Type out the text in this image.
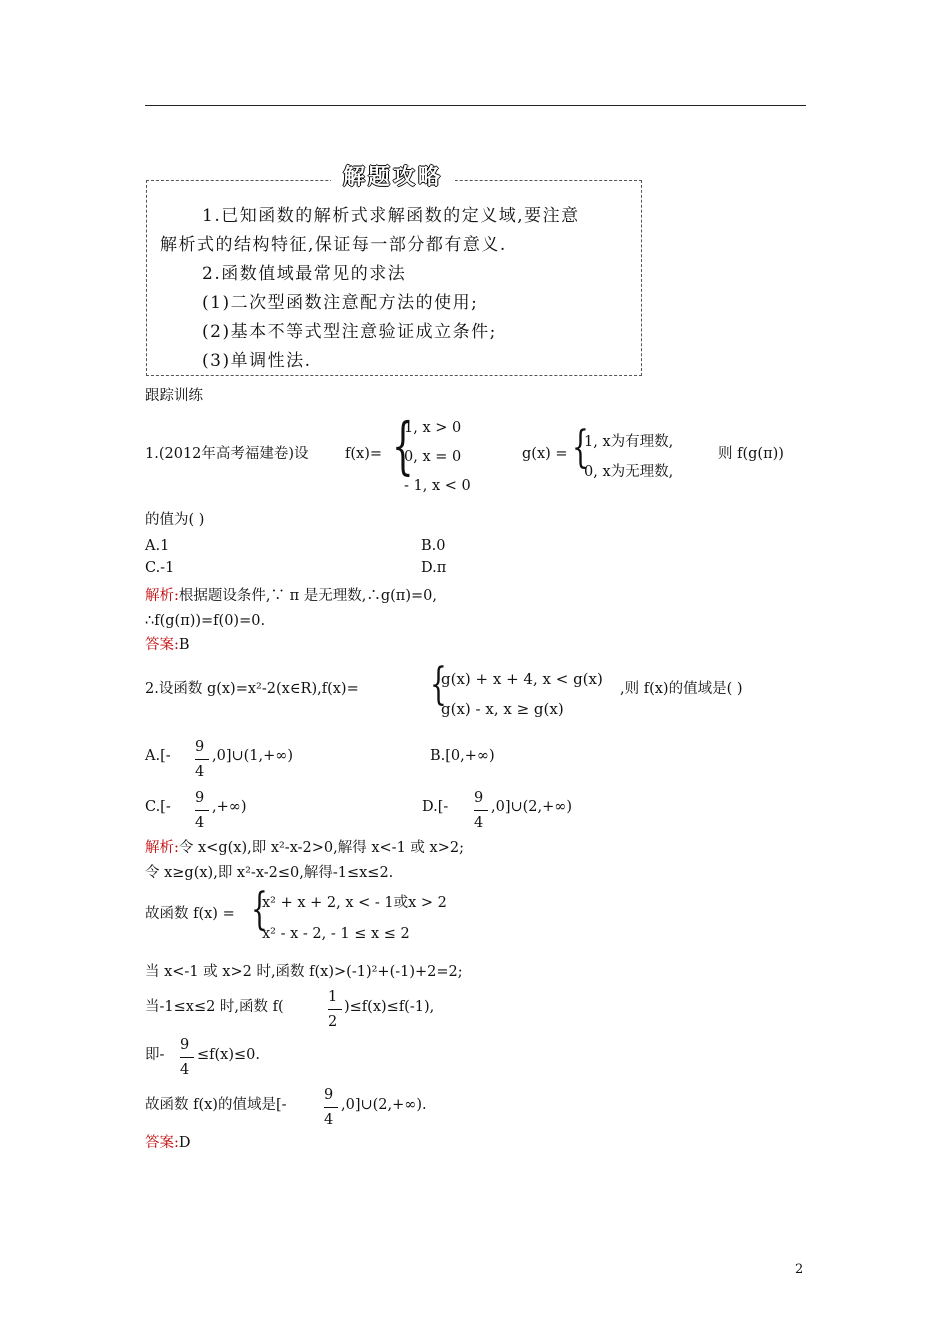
解题攻略
1.已知函数的解析式求解函数的定义域,要注意
解析式的结构特征,保证每一部分都有意义.
2.函数值域最常见的求法
(1)二次型函数注意配方法的使用;
(2)基本不等式型注意验证成立条件;
(3)单调性法.
跟踪训练
1.(2012年高考福建卷)设	f(x)= {
1, x > 0
0, x = 0
- 1, x < 0
g(x) = {
1, x为有理数,
0, x为无理数,
则 f(g(π))
的值为( )
A.1	B.0
C.-1	D.π
解析:根据题设条件,∵ π 是无理数,∴g(π)=0,
∴f(g(π))=f(0)=0.
答案:B
2.设函数 g(x)=x²-2(x∈R),f(x)= {
g(x) + x + 4, x < g(x)
g(x) - x, x ≥ g(x)
,则 f(x)的值域是( )
A.[-
9
4
,0]∪(1,+∞)	B.[0,+∞)
C.[-
9
4
,+∞)	D.[-
9
4
,0]∪(2,+∞)
解析:令 x<g(x),即 x²-x-2>0,解得 x<-1 或 x>2;
令 x≥g(x),即 x²-x-2≤0,解得-1≤x≤2.
故函数 f(x) = {
x² + x + 2, x < - 1或x > 2
x² - x - 2, - 1 ≤ x ≤ 2
当 x<-1 或 x>2 时,函数 f(x)>(-1)²+(-1)+2=2;
当-1≤x≤2 时,函数 f(
1
2
)≤f(x)≤f(-1),
即-
9
4
≤f(x)≤0.
故函数 f(x)的值域是[-
9
4
,0]∪(2,+∞).
答案:D
2
